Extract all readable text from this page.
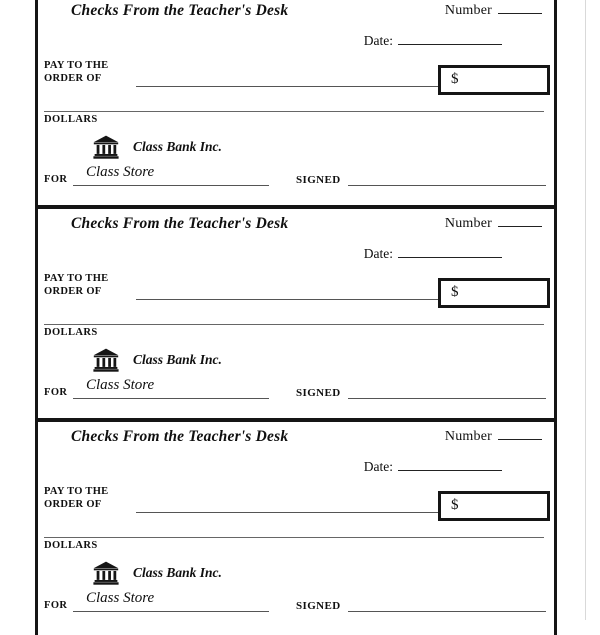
Checks From the Teacher's Desk	Number
Date:
PAY TO THE
ORDER OF	$
DOLLARS
Class Bank Inc.
FOR Class Store	SIGNED
Checks From the Teacher's Desk	Number
Date:
PAY TO THE
ORDER OF	$
DOLLARS
Class Bank Inc.
FOR Class Store	SIGNED
Checks From the Teacher's Desk	Number
Date:
PAY TO THE
ORDER OF	$
DOLLARS
Class Bank Inc.
FOR Class Store	SIGNED
